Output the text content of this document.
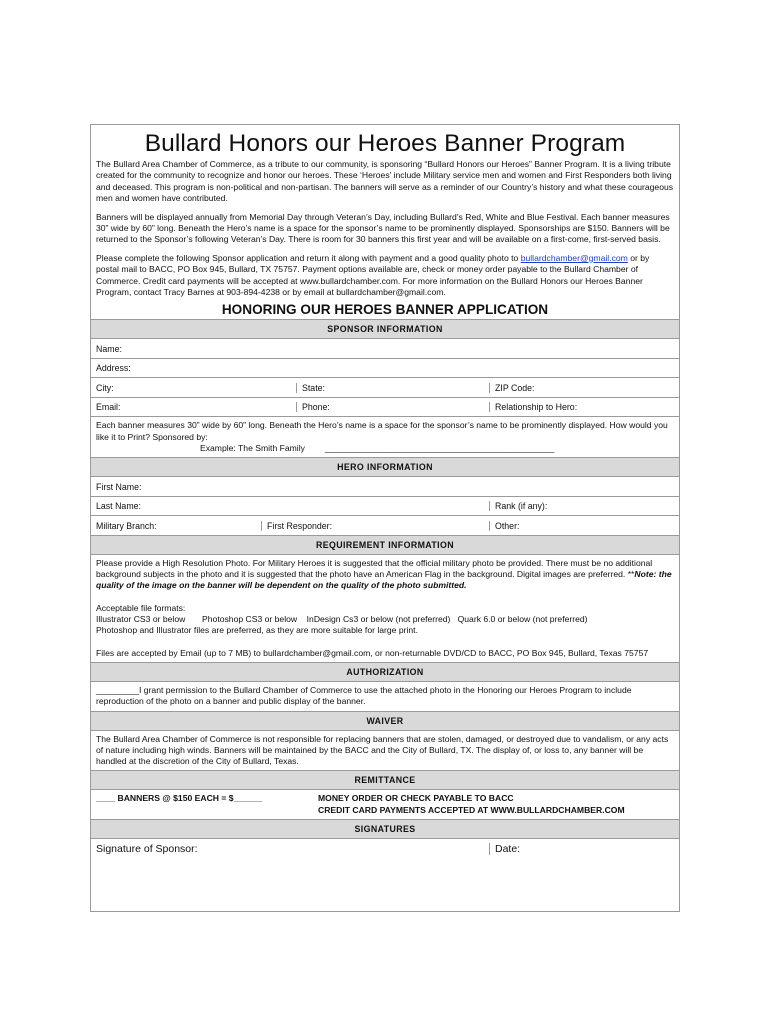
Bullard Honors our Heroes Banner Program

The Bullard Area Chamber of Commerce, as a tribute to our community, is sponsoring “Bullard Honors our Heroes” Banner Program. It is a living tribute created for the community to recognize and honor our heroes. These ‘Heroes’ include Military service men and women and First Responders both living and deceased. This program is non-political and non-partisan. The banners will serve as a reminder of our Country’s history and what these courageous men and women have contributed.

Banners will be displayed annually from Memorial Day through Veteran’s Day, including Bullard’s Red, White and Blue Festival. Each banner measures 30” wide by 60” long. Beneath the Hero’s name is a space for the sponsor’s name to be prominently displayed. Sponsorships are $150. Banners will be returned to the Sponsor’s following Veteran’s Day. There is room for 30 banners this first year and will be available on a first-come, first-served basis.

Please complete the following Sponsor application and return it along with payment and a good quality photo to bullardchamber@gmail.com or by postal mail to BACC, PO Box 945, Bullard, TX 75757. Payment options available are, check or money order payable to the Bullard Chamber of Commerce. Credit card payments will be accepted at www.bullardchamber.com. For more information on the Bullard Honors our Heroes Banner Program, contact Tracy Barnes at 903-894-4238 or by email at bullardchamber@gmail.com.

HONORING OUR HEROES BANNER APPLICATION
SPONSOR INFORMATION
Name:
Address:
City:	State:	ZIP Code:
Email:	Phone:	Relationship to Hero:

Each banner measures 30” wide by 60” long. Beneath the Hero’s name is a space for the sponsor’s name to be prominently displayed. How would you like it to Print? Sponsored by:

Example: The Smith Family ________________________________________________

HERO INFORMATION
First Name:
Last Name:	Rank (if any):
Military Branch:	First Responder:	Other:
REQUIREMENT INFORMATION

Please provide a High Resolution Photo. For Military Heroes it is suggested that the official military photo be provided. There must be no additional background subjects in the photo and it is suggested that the photo have an American Flag in the background. Digital images are preferred. **Note: the quality of the image on the banner will be dependent on the quality of the photo submitted.

Acceptable file formats:

Illustrator CS3 or below       Photoshop CS3 or below    InDesign Cs3 or below (not preferred)   Quark 6.0 or below (not preferred)

Photoshop and Illustrator files are preferred, as they are more suitable for large print.

Files are accepted by Email (up to 7 MB) to bullardchamber@gmail.com, or non-returnable DVD/CD to BACC, PO Box 945, Bullard, Texas 75757

AUTHORIZATION
_________I grant permission to the Bullard Chamber of Commerce to use the attached photo in the Honoring our Heroes Program to include reproduction of the photo on a banner and public display of the banner.
WAIVER
The Bullard Area Chamber of Commerce is not responsible for replacing banners that are stolen, damaged, or destroyed due to vandalism, or any acts of nature including high winds. Banners will be maintained by the BACC and the City of Bullard, TX. The display of, or loss to, any banner will be handled at the discretion of the City of Bullard, Texas.
REMITTANCE
____ BANNERS @ $150 EACH = $______	MONEY ORDER OR CHECK PAYABLE TO BACC

CREDIT CARD PAYMENTS ACCEPTED AT WWW.BULLARDCHAMBER.COM

SIGNATURES
Signature of Sponsor:	Date:
